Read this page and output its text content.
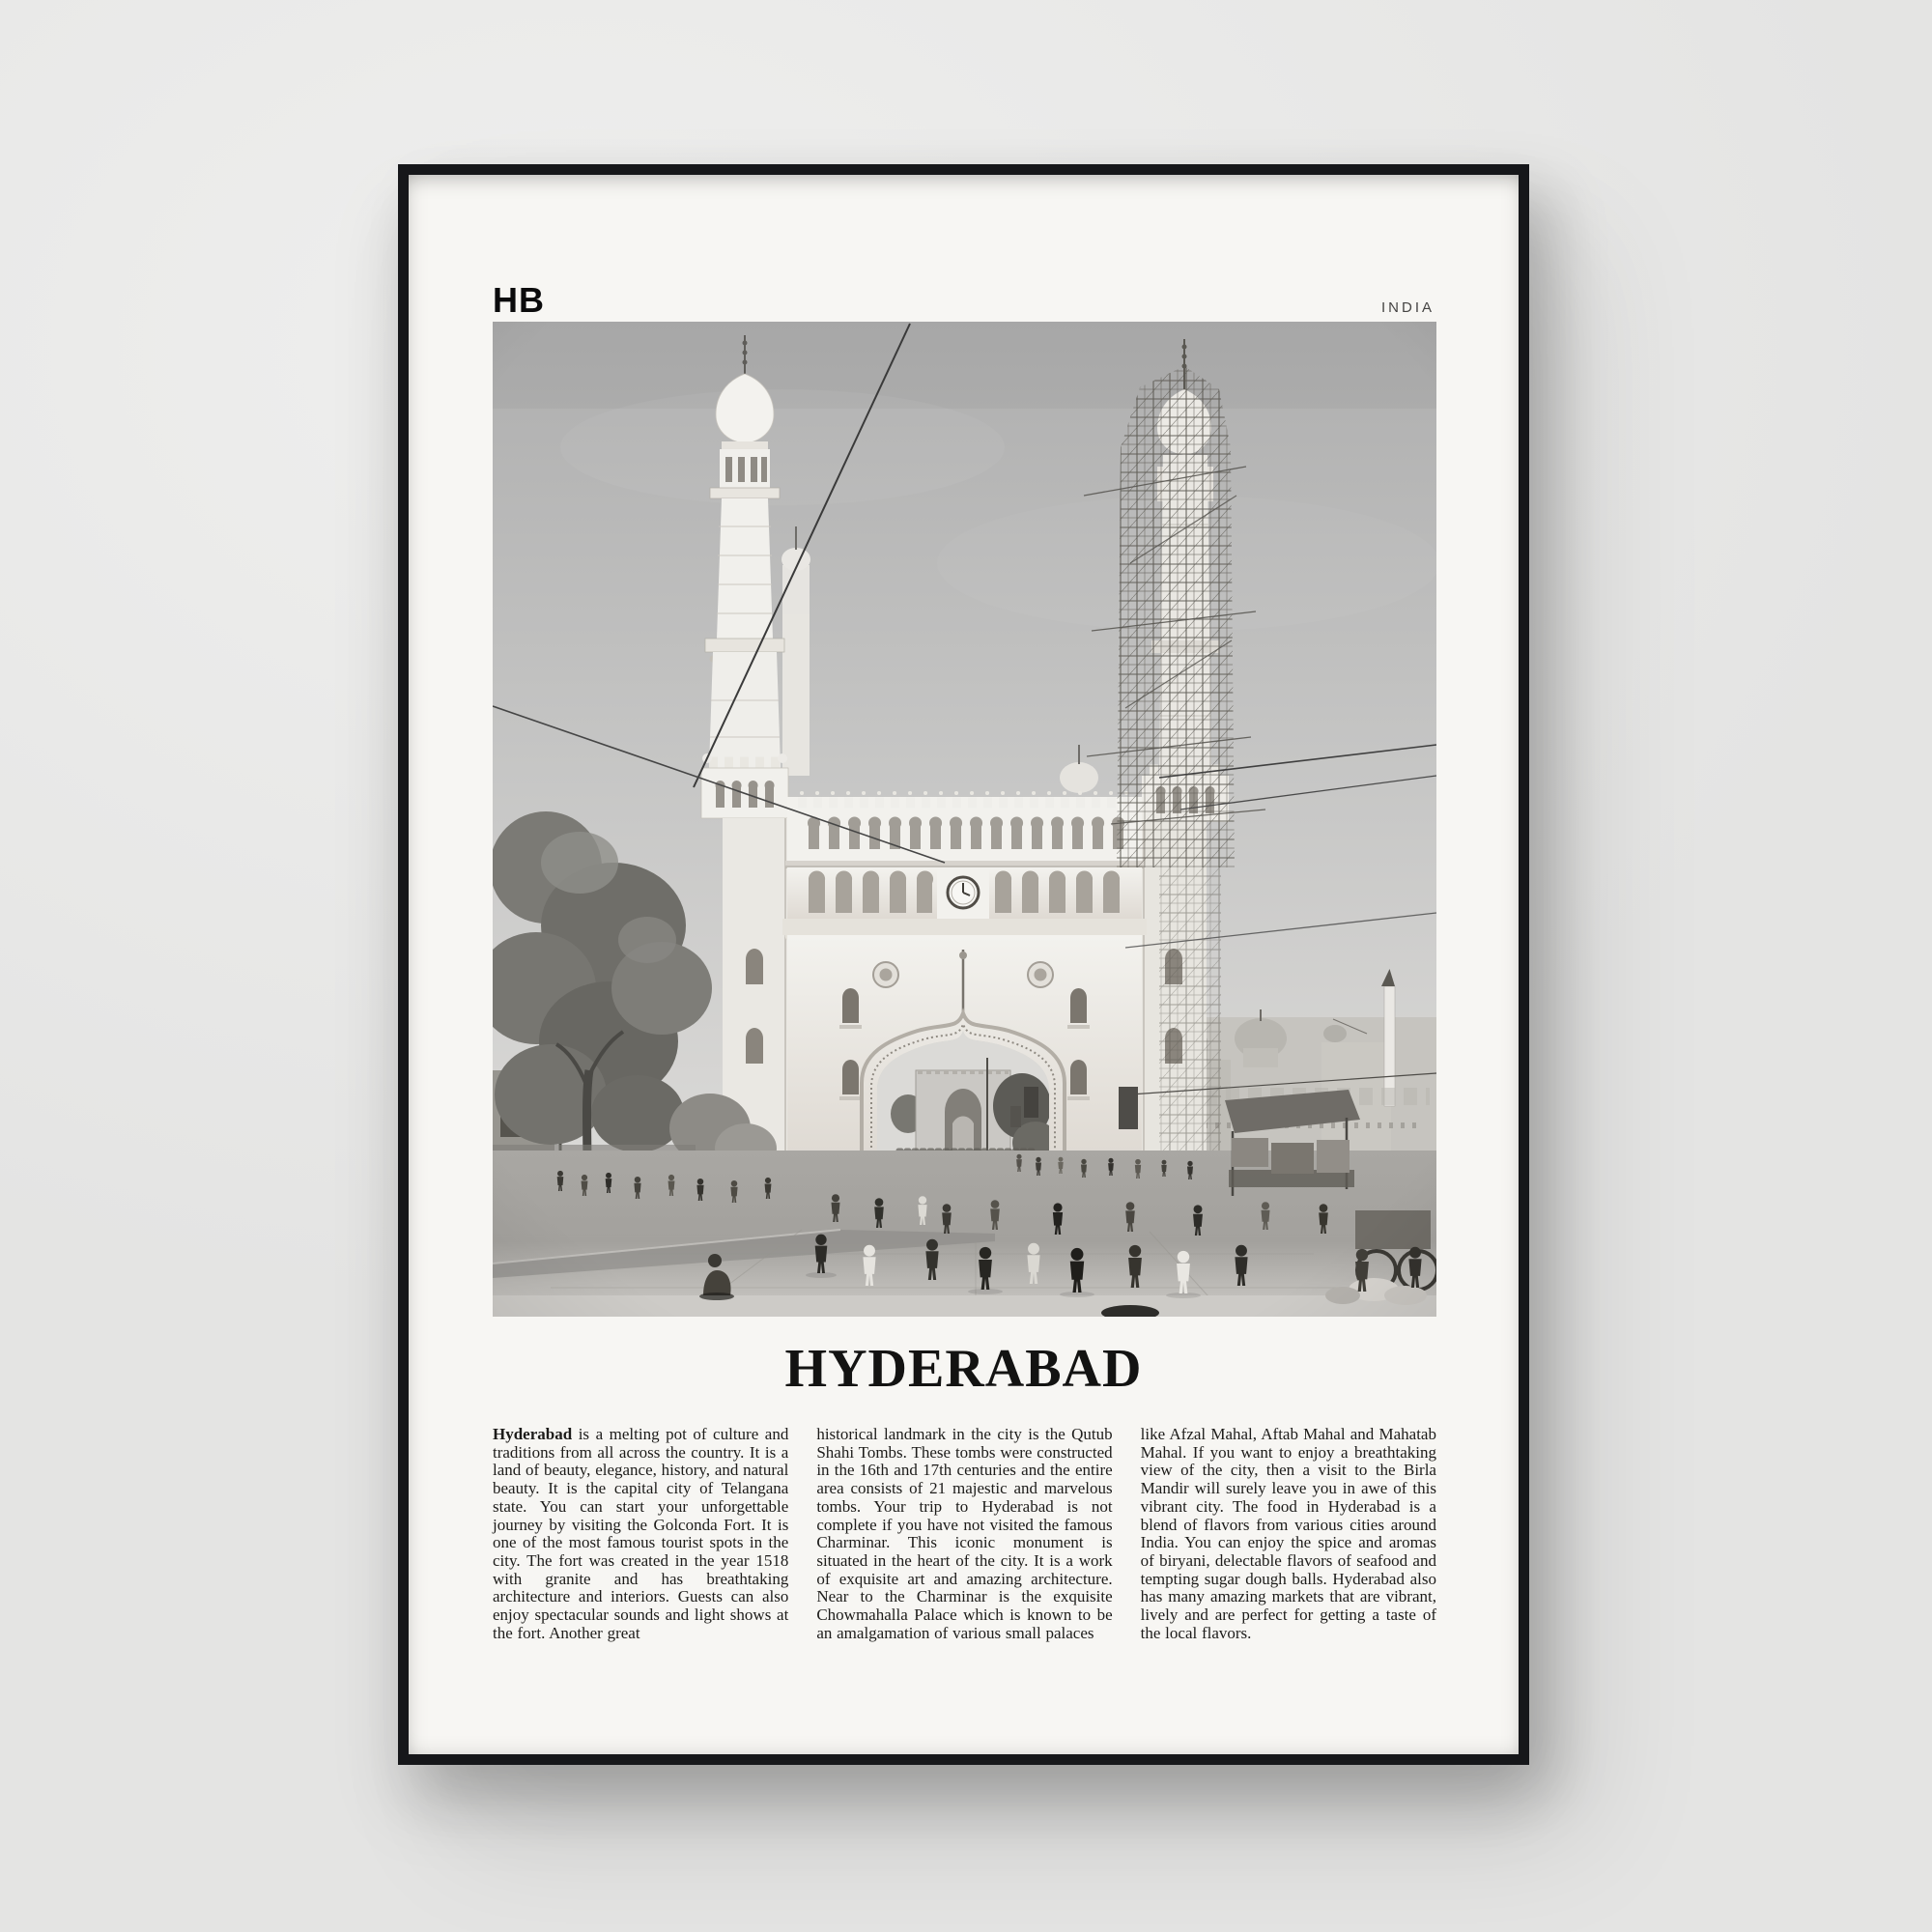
HB	INDIA
HYDERABAD

Hyderabad is a melting pot of culture and traditions from all across the country. It is a land of beauty, elegance, history, and natural beauty. It is the capital city of Telangana state. You can start your unforgettable journey by visiting the Golconda Fort. It is one of the most famous tourist spots in the city. The fort was created in the year 1518 with granite and has breathtaking architecture and interiors. Guests can also enjoy spectacular sounds and light shows at the fort. Another great

historical landmark in the city is the Qutub Shahi Tombs. These tombs were constructed in the 16th and 17th centuries and the entire area consists of 21 majestic and marvelous tombs. Your trip to Hyderabad is not complete if you have not visited the famous Charminar. This iconic monument is situated in the heart of the city. It is a work of exquisite art and amazing architecture. Near to the Charminar is the exquisite Chowmahalla Palace which is known to be an amalgamation of various small palaces

like Afzal Mahal, Aftab Mahal and Mahatab Mahal. If you want to enjoy a breathtaking view of the city, then a visit to the Birla Mandir will surely leave you in awe of this vibrant city. The food in Hyderabad is a blend of flavors from various cities around India. You can enjoy the spice and aromas of biryani, delectable flavors of seafood and tempting sugar dough balls. Hyderabad also has many amazing markets that are vibrant, lively and are perfect for getting a taste of the local flavors.
